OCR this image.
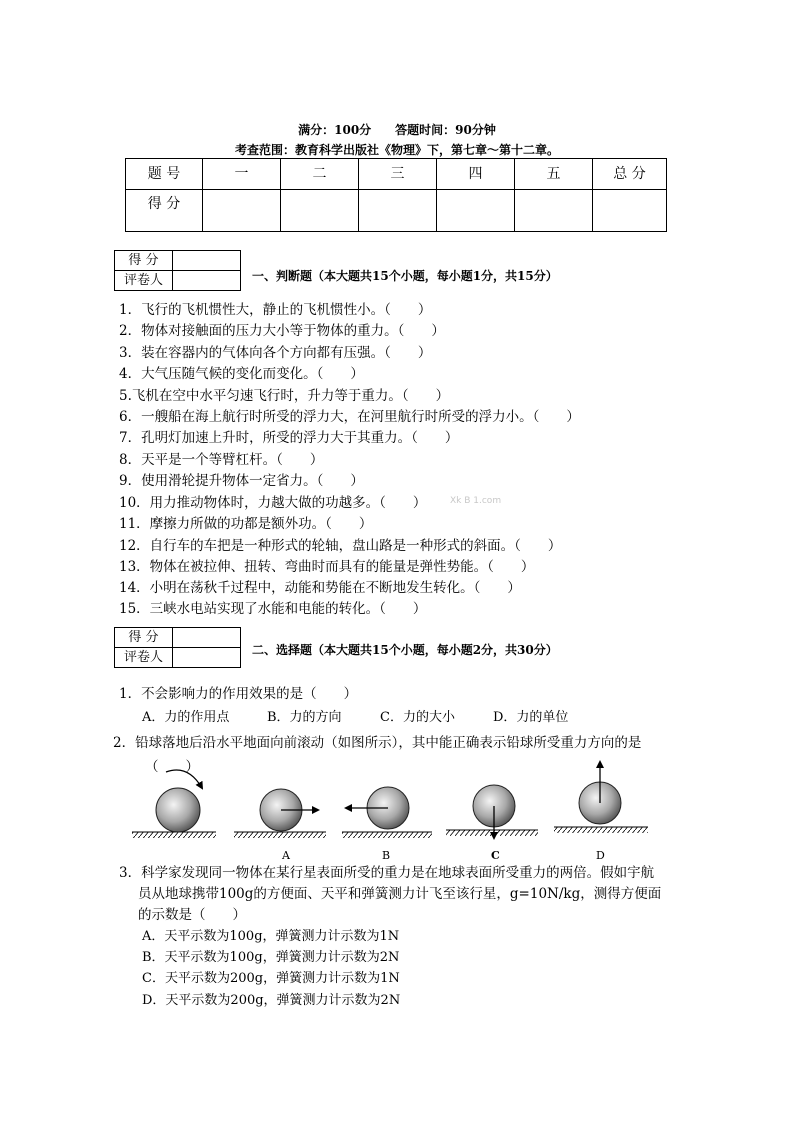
满分：100分　　答题时间：90分钟
考查范围：教育科学出版社《物理》下，第七章～第十二章。
题 号	一	二	三	四	五	总 分
得 分						
得 分	
评卷人		一、判断题（本大题共15个小题，每小题1分，共15分）
1．飞行的飞机惯性大，静止的飞机惯性小。（　　）
2．物体对接触面的压力大小等于物体的重力。（　　）
3．装在容器内的气体向各个方向都有压强。（　　）
4．大气压随气候的变化而变化。（　　）
5.飞机在空中水平匀速飞行时，升力等于重力。（　　）
6．一艘船在海上航行时所受的浮力大，在河里航行时所受的浮力小。（　　）
7．孔明灯加速上升时，所受的浮力大于其重力。（　　）
8．天平是一个等臂杠杆。（　　）
9．使用滑轮提升物体一定省力。（　　）
10．用力推动物体时，力越大做的功越多。（　　）
11．摩擦力所做的功都是额外功。（　　）
12．自行车的车把是一种形式的轮轴，盘山路是一种形式的斜面。（　　）
13．物体在被拉伸、扭转、弯曲时而具有的能量是弹性势能。（　　）
14．小明在荡秋千过程中，动能和势能在不断地发生转化。（　　）
15．三峡水电站实现了水能和电能的转化。（　　）
Xk B 1.com
得 分	
评卷人		二、选择题（本大题共15个小题，每小题2分，共30分）
1．不会影响力的作用效果的是（　　）
A．力的作用点	B．力的方向	C．力的大小	D．力的单位
2．铅球落地后沿水平地面向前滚动（如图所示），其中能正确表示铅球所受重力方向的是
（　　）
A	B	C	D
3．科学家发现同一物体在某行星表面所受的重力是在地球表面所受重力的两倍。假如宇航
员从地球携带100g的方便面、天平和弹簧测力计飞至该行星，g=10N/kg，测得方便面
的示数是（　　）
A．天平示数为100g，弹簧测力计示数为1N
B．天平示数为100g，弹簧测力计示数为2N
C．天平示数为200g，弹簧测力计示数为1N
D．天平示数为200g，弹簧测力计示数为2N
